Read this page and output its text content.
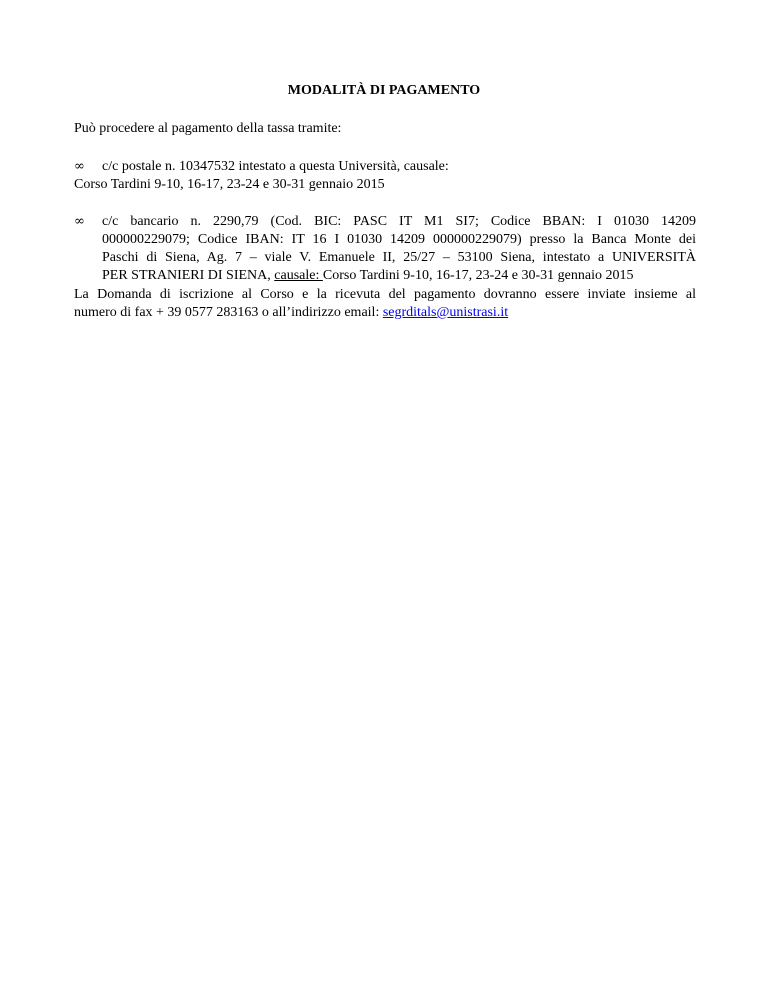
MODALITÀ DI PAGAMENTO
Può procedere al pagamento della tassa tramite:
∞ c/c postale n. 10347532 intestato a questa Università, causale:
Corso Tardini 9-10, 16-17, 23-24 e 30-31 gennaio 2015
∞ c/c bancario n. 2290,79 (Cod. BIC: PASC IT M1 SI7; Codice BBAN: I 01030 14209
000000229079; Codice IBAN: IT 16 I 01030 14209 000000229079) presso la Banca Monte dei
Paschi di Siena, Ag. 7 – viale V. Emanuele II, 25/27 – 53100 Siena, intestato a UNIVERSITÀ
PER STRANIERI DI SIENA, causale: Corso Tardini 9-10, 16-17, 23-24 e 30-31 gennaio 2015
La Domanda di iscrizione al Corso e la ricevuta del pagamento dovranno essere inviate insieme al
numero di fax + 39 0577 283163 o all’indirizzo email: segrditals@unistrasi.it
